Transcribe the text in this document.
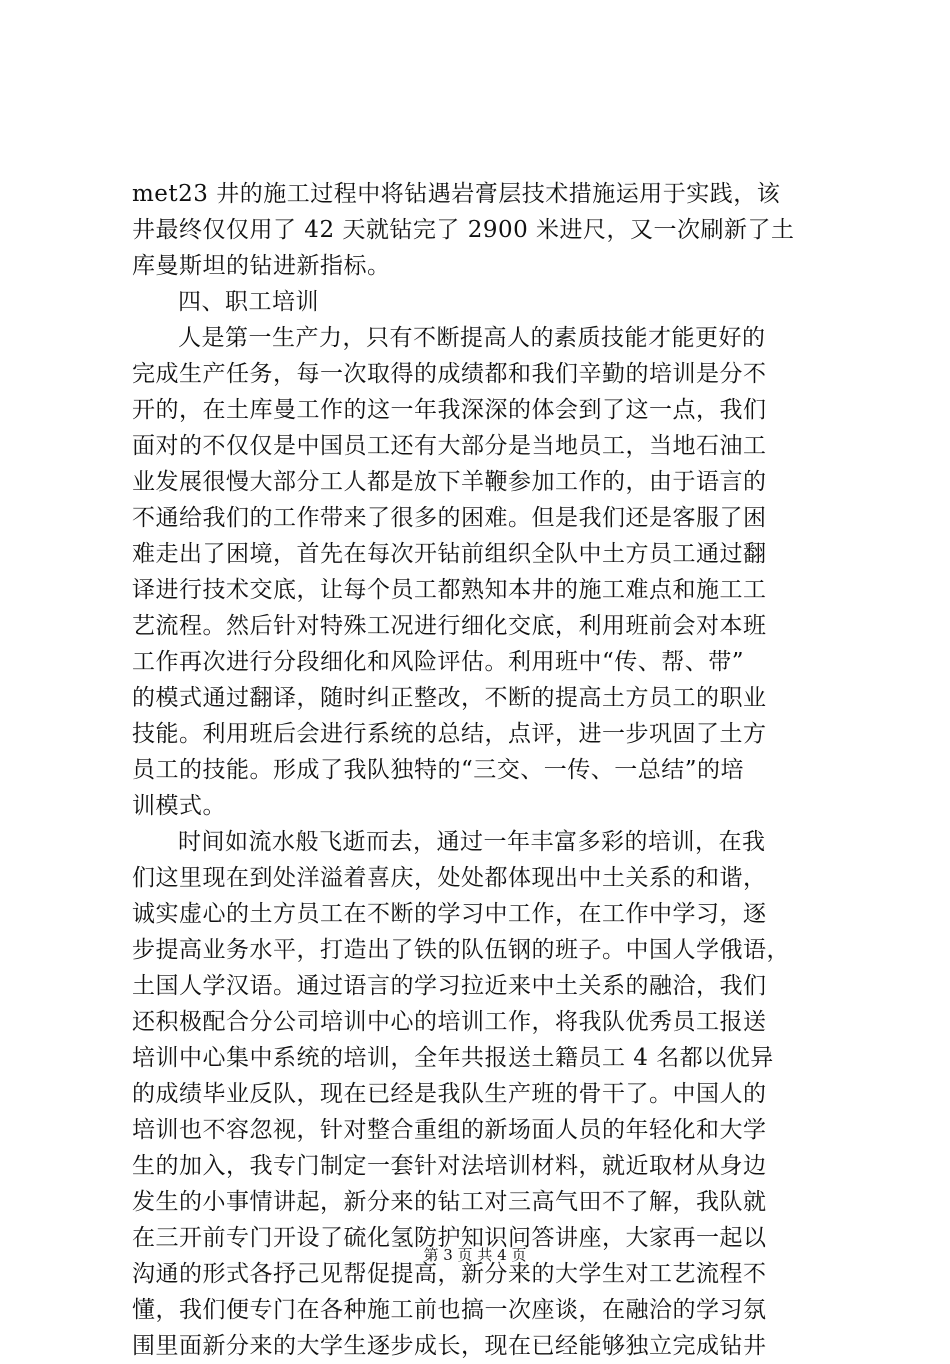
met23 井的施工过程中将钻遇岩膏层技术措施运用于实践，该
井最终仅仅用了 42 天就钻完了 2900 米进尺，又一次刷新了土
库曼斯坦的钻进新指标。
四、职工培训
人是第一生产力，只有不断提高人的素质技能才能更好的
完成生产任务，每一次取得的成绩都和我们辛勤的培训是分不
开的，在土库曼工作的这一年我深深的体会到了这一点，我们
面对的不仅仅是中国员工还有大部分是当地员工，当地石油工
业发展很慢大部分工人都是放下羊鞭参加工作的，由于语言的
不通给我们的工作带来了很多的困难。但是我们还是客服了困
难走出了困境，首先在每次开钻前组织全队中土方员工通过翻
译进行技术交底，让每个员工都熟知本井的施工难点和施工工
艺流程。然后针对特殊工况进行细化交底，利用班前会对本班
工作再次进行分段细化和风险评估。利用班中“传、帮、带”
的模式通过翻译，随时纠正整改，不断的提高土方员工的职业
技能。利用班后会进行系统的总结，点评，进一步巩固了土方
员工的技能。形成了我队独特的“三交、一传、一总结”的培
训模式。
时间如流水般飞逝而去，通过一年丰富多彩的培训，在我
们这里现在到处洋溢着喜庆，处处都体现出中土关系的和谐，
诚实虚心的土方员工在不断的学习中工作，在工作中学习，逐
步提高业务水平，打造出了铁的队伍钢的班子。中国人学俄语，
土国人学汉语。通过语言的学习拉近来中土关系的融洽，我们
还积极配合分公司培训中心的培训工作，将我队优秀员工报送
培训中心集中系统的培训，全年共报送土籍员工 4 名都以优异
的成绩毕业反队，现在已经是我队生产班的骨干了。中国人的
培训也不容忽视，针对整合重组的新场面人员的年轻化和大学
生的加入，我专门制定一套针对法培训材料，就近取材从身边
发生的小事情讲起，新分来的钻工对三高气田不了解，我队就
在三开前专门开设了硫化氢防护知识问答讲座，大家再一起以
沟通的形式各抒己见帮促提高，新分来的大学生对工艺流程不
懂，我们便专门在各种施工前也搞一次座谈，在融洽的学习氛
围里面新分来的大学生逐步成长，现在已经能够独立完成钻井
第 3 页 共 4 页
